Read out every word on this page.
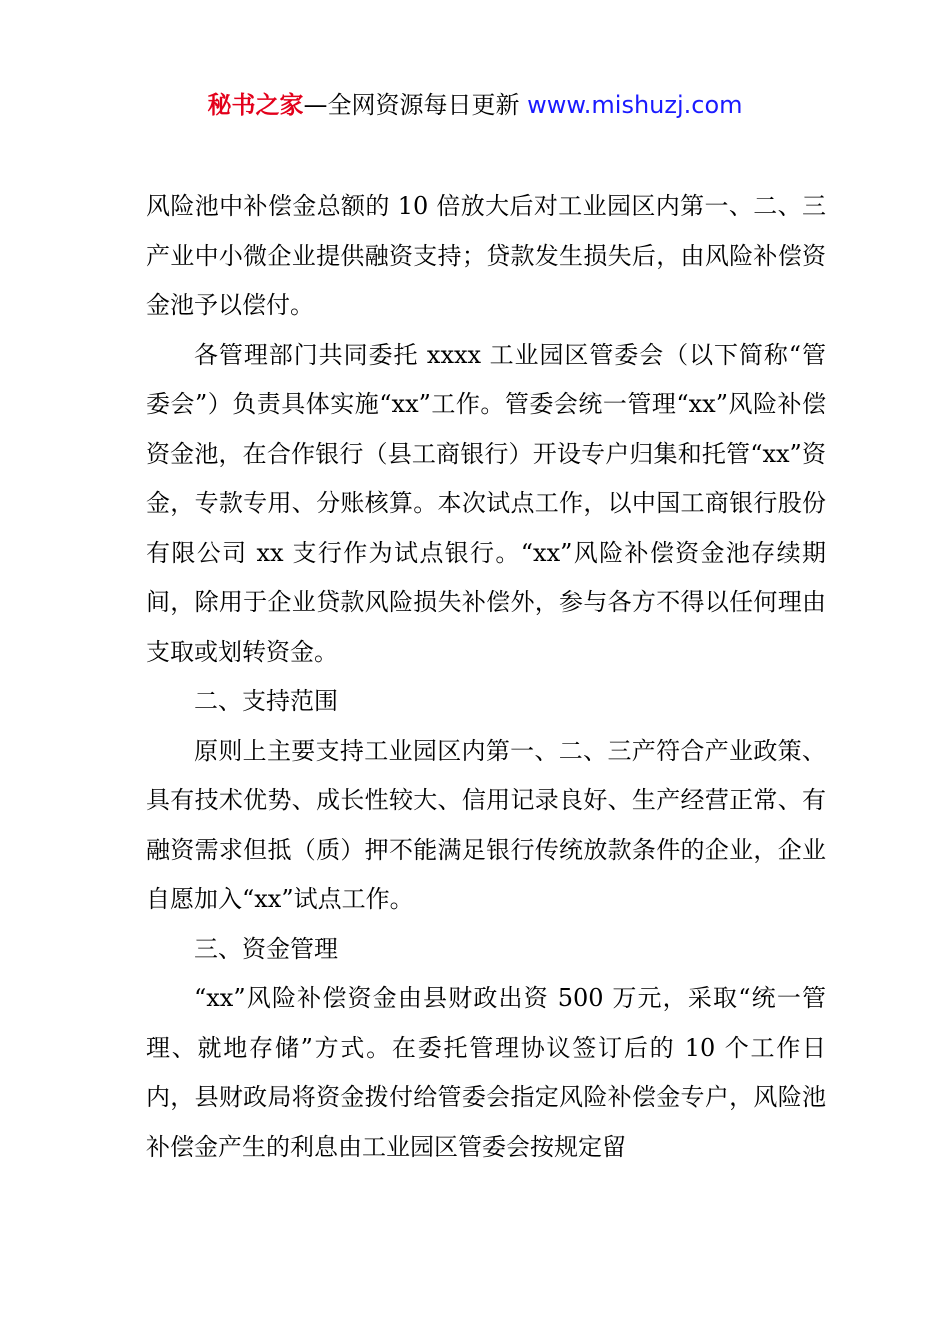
秘书之家—全网资源每日更新 www.mishuzj.com

风险池中补偿金总额的 10 倍放大后对工业园区内第一、二、三产业中小微企业提供融资支持；贷款发生损失后，由风险补偿资金池予以偿付。

各管理部门共同委托 xxxx 工业园区管委会（以下简称“管委会”）负责具体实施“xx”工作。管委会统一管理“xx”风险补偿资金池，在合作银行（县工商银行）开设专户归集和托管“xx”资金，专款专用、分账核算。本次试点工作，以中国工商银行股份有限公司 xx 支行作为试点银行。“xx”风险补偿资金池存续期间，除用于企业贷款风险损失补偿外，参与各方不得以任何理由支取或划转资金。

二、支持范围

原则上主要支持工业园区内第一、二、三产符合产业政策、具有技术优势、成长性较大、信用记录良好、生产经营正常、有融资需求但抵（质）押不能满足银行传统放款条件的企业，企业自愿加入“xx”试点工作。

三、资金管理

“xx”风险补偿资金由县财政出资 500 万元，采取“统一管理、就地存储”方式。在委托管理协议签订后的 10 个工作日内，县财政局将资金拨付给管委会指定风险补偿金专户，风险池补偿金产生的利息由工业园区管委会按规定留
